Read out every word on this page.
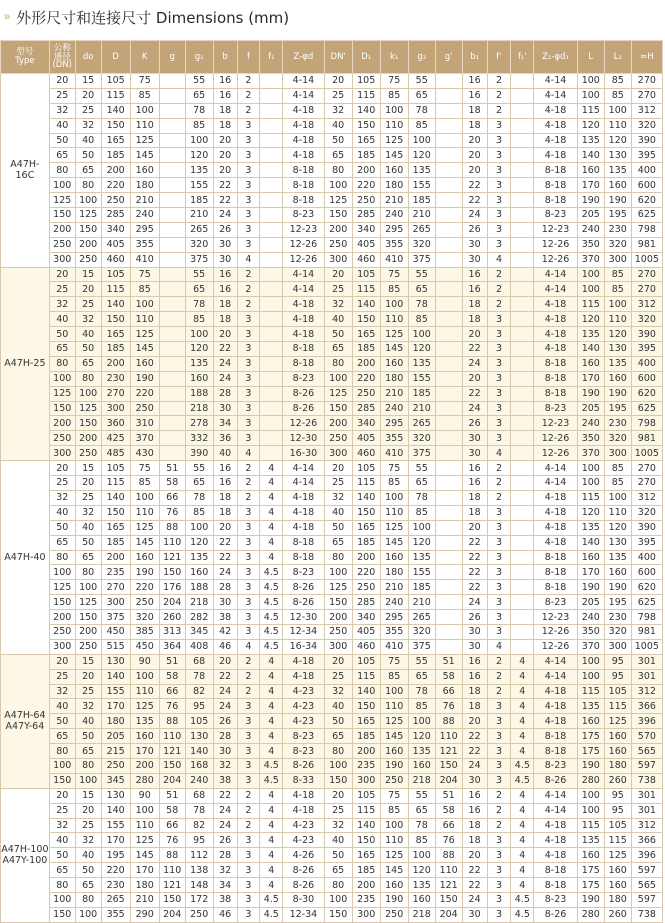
» 外形尺寸和连接尺寸 Dimensions (mm)
型号
Type	公称
通径
(DN)	do	D	K	g	g₁	b	f	f₁	Z-φd	DN'	D₁	k₁	g₂	g'	b₁	f'	f₁'	Z₁-φd₁	L	L₁	≈H
A47H-16C	20	15	105	75		55	16	2		4-14	20	105	75	55		16	2		4-14	100	85	270
	25	20	115	85		65	16	2		4-14	25	115	85	65		16	2		4-14	100	85	270
	32	25	140	100		78	18	2		4-18	32	140	100	78		18	2		4-18	115	100	312
	40	32	150	110		85	18	3		4-18	40	150	110	85		18	3		4-18	120	110	320
	50	40	165	125		100	20	3		4-18	50	165	125	100		20	3		4-18	135	120	390
	65	50	185	145		120	20	3		4-18	65	185	145	120		20	3		4-18	140	130	395
	80	65	200	160		135	20	3		8-18	80	200	160	135		20	3		8-18	160	135	400
	100	80	220	180		155	22	3		8-18	100	220	180	155		22	3		8-18	170	160	600
	125	100	250	210		185	22	3		8-18	125	250	210	185		22	3		8-18	190	190	620
	150	125	285	240		210	24	3		8-23	150	285	240	210		24	3		8-23	205	195	625
	200	150	340	295		265	26	3		12-23	200	340	295	265		26	3		12-23	240	230	798
	250	200	405	355		320	30	3		12-26	250	405	355	320		30	3		12-26	350	320	981
	300	250	460	410		375	30	4		12-26	300	460	410	375		30	4		12-26	370	300	1005
A47H-25	20	15	105	75		55	16	2		4-14	20	105	75	55		16	2		4-14	100	85	270
	25	20	115	85		65	16	2		4-14	25	115	85	65		16	2		4-14	100	85	270
	32	25	140	100		78	18	2		4-18	32	140	100	78		18	2		4-18	115	100	312
	40	32	150	110		85	18	3		4-18	40	150	110	85		18	3		4-18	120	110	320
	50	40	165	125		100	20	3		4-18	50	165	125	100		20	3		4-18	135	120	390
	65	50	185	145		120	22	3		8-18	65	185	145	120		22	3		4-18	140	130	395
	80	65	200	160		135	24	3		8-18	80	200	160	135		24	3		8-18	160	135	400
	100	80	230	190		160	24	3		8-23	100	220	180	155		20	3		8-18	170	160	600
	125	100	270	220		188	28	3		8-26	125	250	210	185		22	3		8-18	190	190	620
	150	125	300	250		218	30	3		8-26	150	285	240	210		24	3		8-23	205	195	625
	200	150	360	310		278	34	3		12-26	200	340	295	265		26	3		12-23	240	230	798
	250	200	425	370		332	36	3		12-30	250	405	355	320		30	3		12-26	350	320	981
	300	250	485	430		390	40	4		16-30	300	460	410	375		30	4		12-26	370	300	1005
A47H-40	20	15	105	75	51	55	16	2	4	4-14	20	105	75	55		16	2		4-14	100	85	270
	25	20	115	85	58	65	16	2	4	4-14	25	115	85	65		16	2		4-14	100	85	270
	32	25	140	100	66	78	18	2	4	4-18	32	140	100	78		18	2		4-18	115	100	312
	40	32	150	110	76	85	18	3	4	4-18	40	150	110	85		18	3		4-18	120	110	320
	50	40	165	125	88	100	20	3	4	4-18	50	165	125	100		20	3		4-18	135	120	390
	65	50	185	145	110	120	22	3	4	8-18	65	185	145	120		22	3		4-18	140	130	395
	80	65	200	160	121	135	22	3	4	8-18	80	200	160	135		22	3		8-18	160	135	400
	100	80	235	190	150	160	24	3	4.5	8-23	100	220	180	155		22	3		8-18	170	160	600
	125	100	270	220	176	188	28	3	4.5	8-26	125	250	210	185		22	3		8-18	190	190	620
	150	125	300	250	204	218	30	3	4.5	8-26	150	285	240	210		24	3		8-23	205	195	625
	200	150	375	320	260	282	38	3	4.5	12-30	200	340	295	265		26	3		12-23	240	230	798
	250	200	450	385	313	345	42	3	4.5	12-34	250	405	355	320		30	3		12-26	350	320	981
	300	250	515	450	364	408	46	4	4.5	16-34	300	460	410	375		30	4		12-26	370	300	1005
A47H-64
A47Y-64	20	15	130	90	51	68	20	2	4	4-18	20	105	75	55	51	16	2	4	4-14	100	95	301
	25	20	140	100	58	78	22	2	4	4-18	25	115	85	65	58	16	2	4	4-14	100	95	301
	32	25	155	110	66	82	24	2	4	4-23	32	140	100	78	66	18	2	4	4-18	115	105	312
	40	32	170	125	76	95	24	3	4	4-23	40	150	110	85	76	18	3	4	4-18	135	115	366
	50	40	180	135	88	105	26	3	4	4-23	50	165	125	100	88	20	3	4	4-18	160	125	396
	65	50	205	160	110	130	28	3	4	8-23	65	185	145	120	110	22	3	4	8-18	175	160	570
	80	65	215	170	121	140	30	3	4	8-23	80	200	160	135	121	22	3	4	8-18	175	160	565
	100	80	250	200	150	168	32	3	4.5	8-26	100	235	190	160	150	24	3	4.5	8-23	190	180	597
	150	100	345	280	204	240	38	3	4.5	8-33	150	300	250	218	204	30	3	4.5	8-26	280	260	738
A47H-100
A47Y-100	20	15	130	90	51	68	22	2	4	4-18	20	105	75	55	51	16	2	4	4-14	100	95	301
	25	20	140	100	58	78	24	2	4	4-18	25	115	85	65	58	16	2	4	4-14	100	95	301
	32	25	155	110	66	82	24	2	4	4-23	32	140	100	78	66	18	2	4	4-18	115	105	312
	40	32	170	125	76	95	26	3	4	4-23	40	150	110	85	76	18	3	4	4-18	135	115	366
	50	40	195	145	88	112	28	3	4	4-26	50	165	125	100	88	20	3	4	4-18	160	125	396
	65	50	220	170	110	138	32	3	4	8-26	65	185	145	120	110	22	3	4	8-18	175	160	597
	80	65	230	180	121	148	34	3	4	8-26	80	200	160	135	121	22	3	4	8-18	175	160	565
	100	80	265	210	150	172	38	3	4.5	8-30	100	235	190	160	150	24	3	4.5	8-23	190	180	597
	150	100	355	290	204	250	46	3	4.5	12-34	150	300	250	218	204	30	3	4.5	8-26	280	260	738
